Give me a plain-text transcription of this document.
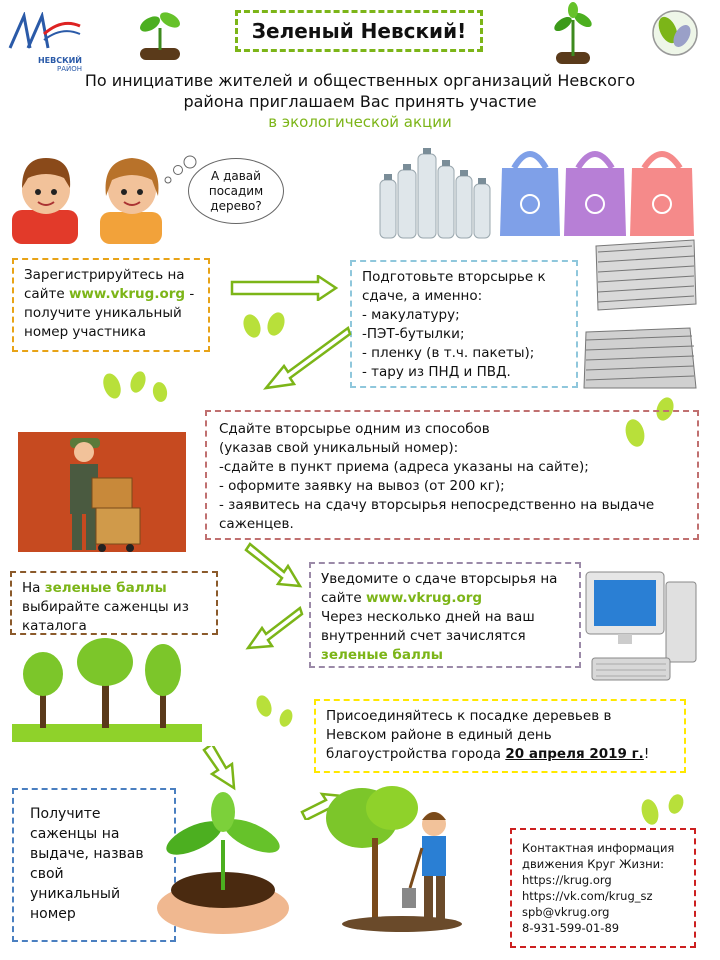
НЕВСКИЙ
РАЙОН
Зеленый Невский!
По инициативе жителей и общественных организаций Невского
района приглашаем Вас принять участие
в экологической акции
А давай посадим дерево?
Зарегистрируйтесь на сайте www.vkrug.org - получите уникальный номер участника
Подготовьте вторсырье к сдаче, а именно:
- макулатуру;
-ПЭТ-бутылки;
- пленку (в т.ч. пакеты);
- тару из ПНД и ПВД.
Сдайте вторсырье одним из способов
(указав свой уникальный номер):
-сдайте в пункт приема (адреса указаны на сайте);
- оформите заявку на вывоз (от 200 кг);
- заявитесь на сдачу вторсырья непосредственно на выдаче саженцев.
На зеленые баллы выбирайте саженцы из каталога
Уведомите о сдаче вторсырья на сайте www.vkrug.org
Через несколько дней на ваш внутренний счет зачислятся
зеленые баллы
Присоединяйтесь к посадке деревьев в Невском районе в единый день благоустройства города 20 апреля 2019 г.!
Получите саженцы на выдаче, назвав свой уникальный номер
Контактная информация движения Круг Жизни:
https://krug.org
https://vk.com/krug_sz
spb@vkrug.org
8-931-599-01-89
